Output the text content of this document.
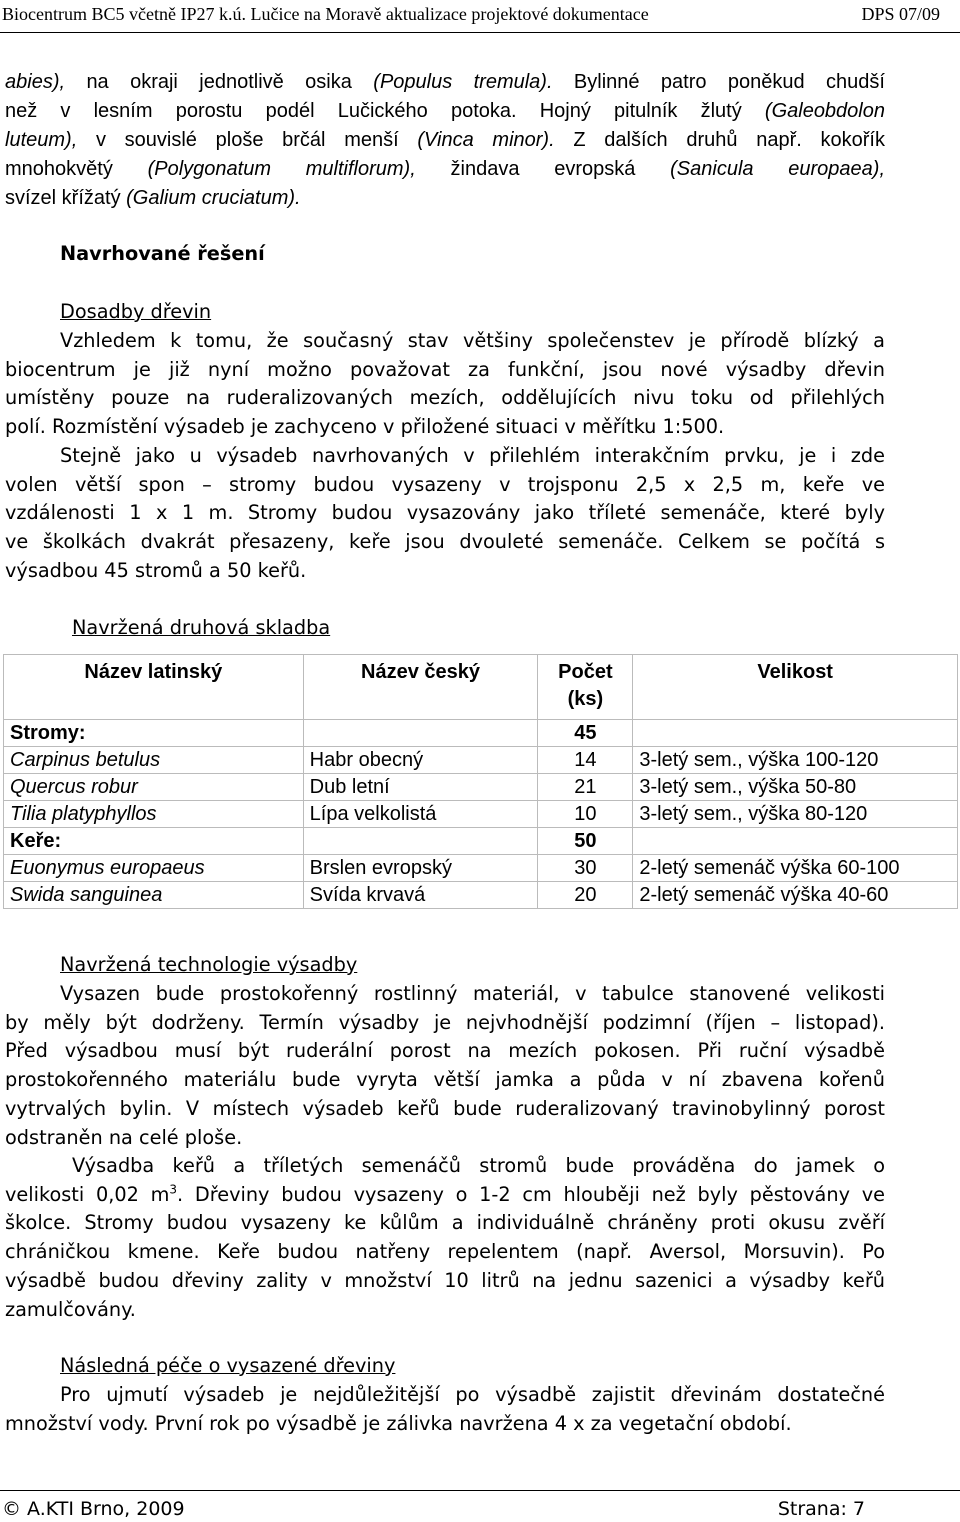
Biocentrum BC5 včetně IP27 k.ú. Lučice na Moravě aktualizace projektové dokumentace	DPS 07/09
abies), na okraji jednotlivě osika (Populus tremula). Bylinné patro poněkud chudší
než v lesním porostu podél Lučického potoka. Hojný pitulník žlutý (Galeobdolon
luteum), v souvislé ploše brčál menší (Vinca minor). Z dalších druhů např. kokořík
mnohokvětý (Polygonatum multiflorum), žindava evropská (Sanicula europaea),
svízel křížatý (Galium cruciatum).
Navrhované řešení
Dosadby dřevin
Vzhledem k tomu, že současný stav většiny společenstev je přírodě blízký a
biocentrum je již nyní možno považovat za funkční, jsou nové výsadby dřevin
umístěny pouze na ruderalizovaných mezích, oddělujících nivu toku od přilehlých
polí. Rozmístění výsadeb je zachyceno v přiložené situaci v měřítku 1:500.
Stejně jako u výsadeb navrhovaných v přilehlém interakčním prvku, je i zde
volen větší spon – stromy budou vysazeny v trojsponu 2,5 x 2,5 m, keře ve
vzdálenosti 1 x 1 m. Stromy budou vysazovány jako tříleté semenáče, které byly
ve školkách dvakrát přesazeny, keře jsou dvouleté semenáče. Celkem se počítá s
výsadbou 45 stromů a 50 keřů.
Navržená druhová skladba
Název latinský	Název český	Počet (ks)	Velikost
Stromy:		45	
Carpinus betulus	Habr obecný	14	3-letý sem., výška 100-120
Quercus robur	Dub letní	21	3-letý sem., výška 50-80
Tilia platyphyllos	Lípa velkolistá	10	3-letý sem., výška 80-120
Keře:		50	
Euonymus europaeus	Brslen evropský	30	2-letý semenáč výška 60-100
Swida sanguinea	Svída krvavá	20	2-letý semenáč výška 40-60
Navržená technologie výsadby
Vysazen bude prostokořenný rostlinný materiál, v tabulce stanovené velikosti
by měly být dodrženy. Termín výsadby je nejvhodnější podzimní (říjen – listopad).
Před výsadbou musí být ruderální porost na mezích pokosen. Při ruční výsadbě
prostokořenného materiálu bude vyryta větší jamka a půda v ní zbavena kořenů
vytrvalých bylin. V místech výsadeb keřů bude ruderalizovaný travinobylinný porost
odstraněn na celé ploše.
Výsadba keřů a tříletých semenáčů stromů bude prováděna do jamek o
velikosti 0,02 $m^3$. Dřeviny budou vysazeny o 1-2 cm hlouběji než byly pěstovány ve
školce. Stromy budou vysazeny ke kůlům a individuálně chráněny proti okusu zvěří
chráničkou kmene. Keře budou natřeny repelentem (např. Aversol, Morsuvin). Po
výsadbě budou dřeviny zality v množství 10 litrů na jednu sazenici a výsadby keřů
zamulčovány.
Následná péče o vysazené dřeviny
Pro ujmutí výsadeb je nejdůležitější po výsadbě zajistit dřevinám dostatečné
množství vody. První rok po výsadbě je zálivka navržena 4 x za vegetační období.
© A.KTI Brno, 2009	Strana: 7
